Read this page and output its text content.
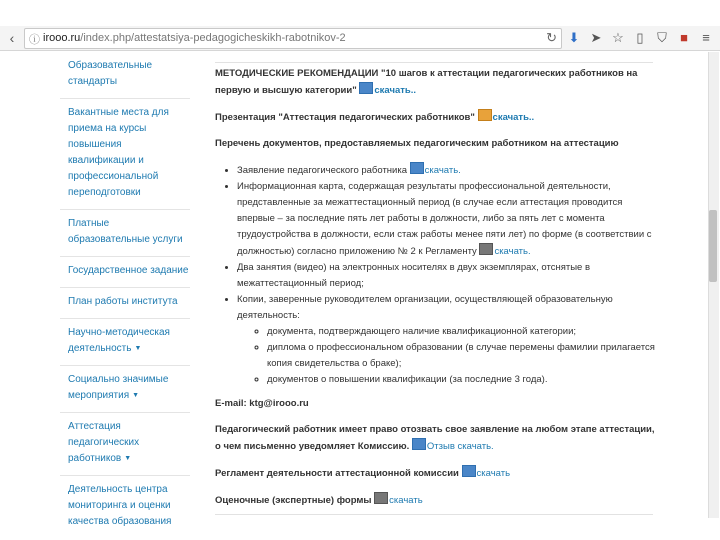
‹	ⓘ irooo.ru/index.php/attestatsiya-pedagogicheskikh-rabotnikov-2	↻ ⬇ ➤ ☆ ▯	⛉	■	≡
Образовательные стандарты
Вакантные места для приема на курсы повышения квалификации и профессиональной переподготовки
Платные образовательные услуги
Государственное задание
План работы института
Научно-методическая деятельность ▼
Социально значимые мероприятия ▼
Аттестация педагогических работников ▼
Деятельность центра мониторинга и оценки качества образования

МЕТОДИЧЕСКИЕ РЕКОМЕНДАЦИИ "10 шагов к аттестации педагогических работников на первую и высшую категории" скачать..

Презентация "Аттестация педагогических работников" скачать..

Перечень документов, предоставляемых педагогическим работником на аттестацию

• Заявление педагогического работника скачать.
• Информационная карта, содержащая результаты профессиональной деятельности, представленные за межаттестационный период (в случае если аттестация проводится впервые – за последние пять лет работы в должности, либо за пять лет с момента трудоустройства в должности, если стаж работы менее пяти лет) по форме (в соответствии с должностью) согласно приложению № 2 к Регламенту скачать.
• Два занятия (видео) на электронных носителях в двух экземплярах, отснятые в межаттестационный период;
• Копии, заверенные руководителем организации, осуществляющей образовательную деятельность:
◦ документа, подтверждающего наличие квалификационной категории;
◦ диплома о профессиональном образовании (в случае перемены фамилии прилагается копия свидетельства о браке);
◦ документов о повышении квалификации (за последние 3 года).

E-mail: ktg@irooo.ru

Педагогический работник имеет право отозвать свое заявление на любом этапе аттестации, о чем письменно уведомляет Комиссию. Отзыв скачать.

Регламент деятельности аттестационной комиссии скачать

Оценочные (экспертные) формы скачать
